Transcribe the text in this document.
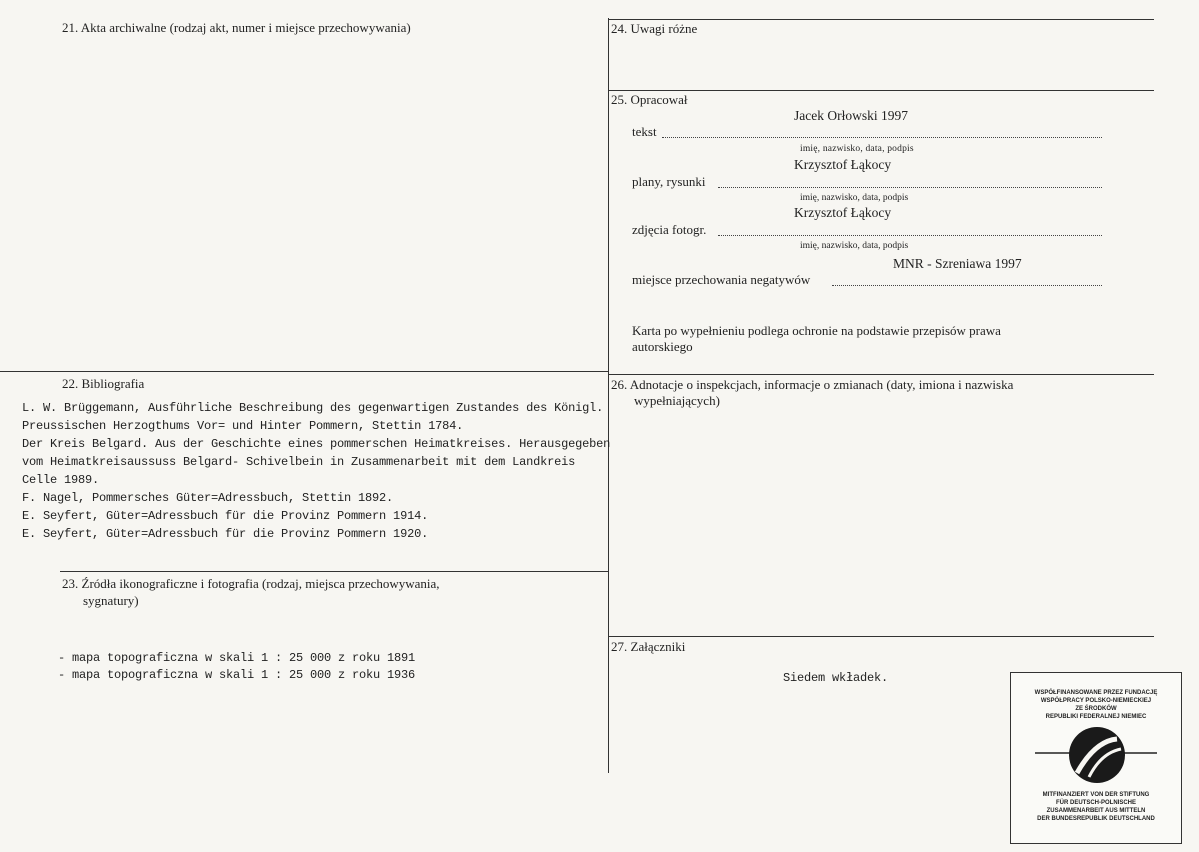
21. Akta archiwalne (rodzaj akt, numer i miejsce przechowywania)
22. Bibliografia
L. W. Brüggemann, Ausführliche Beschreibung des gegenwartigen Zustandes des Königl.
Preussischen Herzogthums Vor= und Hinter Pommern, Stettin 1784.
Der Kreis Belgard. Aus der Geschichte eines pommerschen Heimatkreises. Herausgegeben
vom Heimatkreisaussuss Belgard- Schivelbein in Zusammenarbeit mit dem Landkreis
Celle 1989.
F. Nagel, Pommersches Güter=Adressbuch, Stettin 1892.
E. Seyfert, Güter=Adressbuch für die Provinz Pommern 1914.
E. Seyfert, Güter=Adressbuch für die Provinz Pommern 1920.
23. Źródła ikonograficzne i fotografia (rodzaj, miejsca przechowywania,
sygnatury)
- mapa topograficzna w skali 1 : 25 000 z roku 1891
- mapa topograficzna w skali 1 : 25 000 z roku 1936
24. Uwagi różne
25. Opracował
Jacek Orłowski 1997
tekst
imię, nazwisko, data, podpis
Krzysztof Łąkocy
plany, rysunki
imię, nazwisko, data, podpis
Krzysztof Łąkocy
zdjęcia fotogr.
imię, nazwisko, data, podpis
MNR - Szreniawa 1997
miejsce przechowania negatywów
Karta po wypełnieniu podlega ochronie na podstawie przepisów prawa
autorskiego
26. Adnotacje o inspekcjach, informacje o zmianach (daty, imiona i nazwiska
wypełniających)
27. Załączniki
Siedem wkładek.
WSPÓŁFINANSOWANE PRZEZ FUNDACJĘ
WSPÓŁPRACY POLSKO-NIEMIECKIEJ
ZE ŚRODKÓW
REPUBLIKI FEDERALNEJ NIEMIEC
MITFINANZIERT VON DER STIFTUNG
FÜR DEUTSCH-POLNISCHE
ZUSAMMENARBEIT AUS MITTELN
DER BUNDESREPUBLIK DEUTSCHLAND
